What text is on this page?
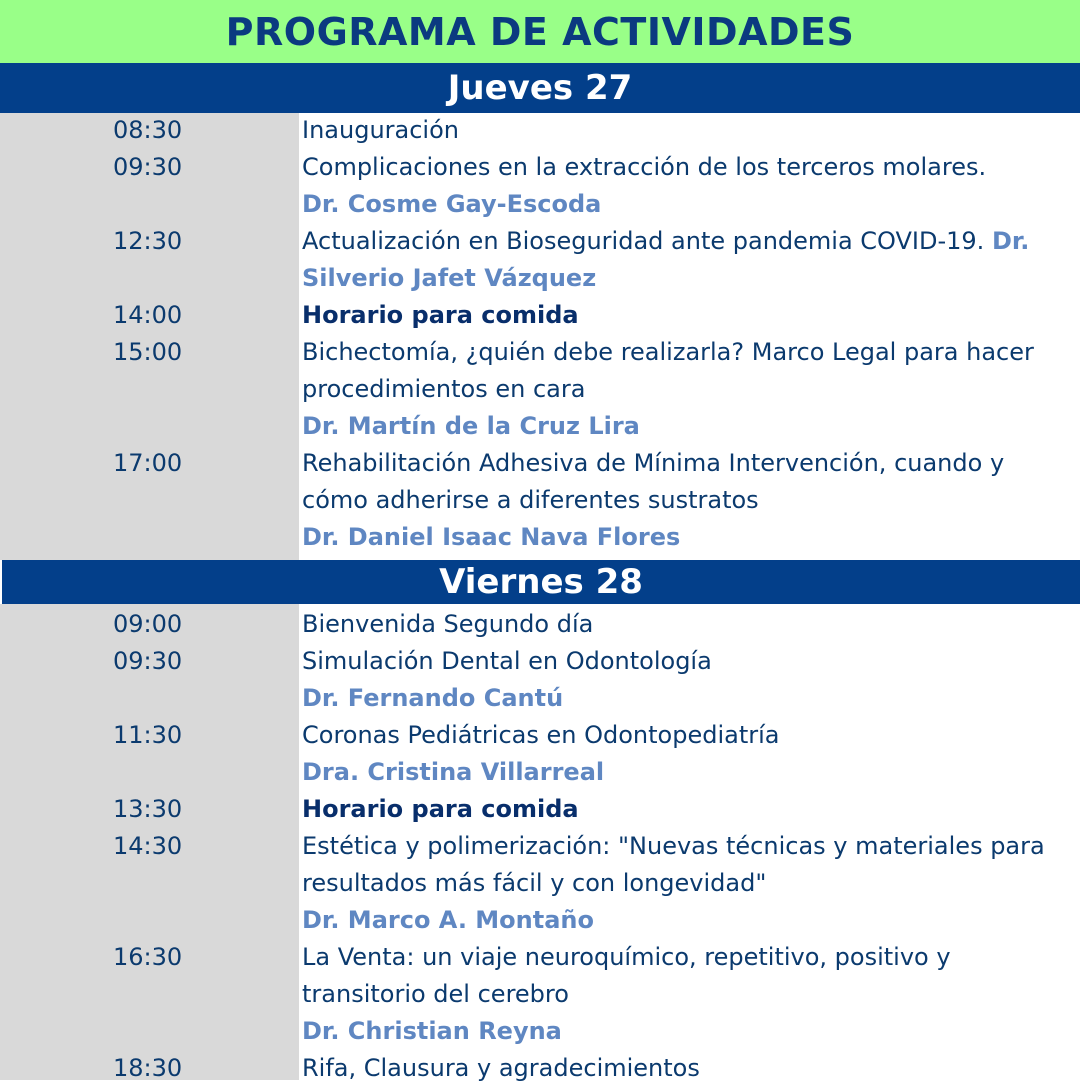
PROGRAMA DE ACTIVIDADES
Jueves 27
08:30	Inauguración
09:30	Complicaciones en la extracción de los terceros molares.
Dr. Cosme Gay-Escoda
12:30	Actualización en Bioseguridad ante pandemia COVID-19. Dr.
Silverio Jafet Vázquez
14:00	Horario para comida
15:00	Bichectomía, ¿quién debe realizarla? Marco Legal para hacer
procedimientos en cara
Dr. Martín de la Cruz Lira
17:00	Rehabilitación Adhesiva de Mínima Intervención, cuando y
cómo adherirse a diferentes sustratos
Dr. Daniel Isaac Nava Flores
Viernes 28
09:00	Bienvenida Segundo día
09:30	Simulación Dental en Odontología
Dr. Fernando Cantú
11:30	Coronas Pediátricas en Odontopediatría
Dra. Cristina Villarreal
13:30	Horario para comida
14:30	Estética y polimerización: "Nuevas técnicas y materiales para
resultados más fácil y con longevidad"
Dr. Marco A. Montaño
16:30	La Venta: un viaje neuroquímico, repetitivo, positivo y
transitorio del cerebro
Dr. Christian Reyna
18:30	Rifa, Clausura y agradecimientos
